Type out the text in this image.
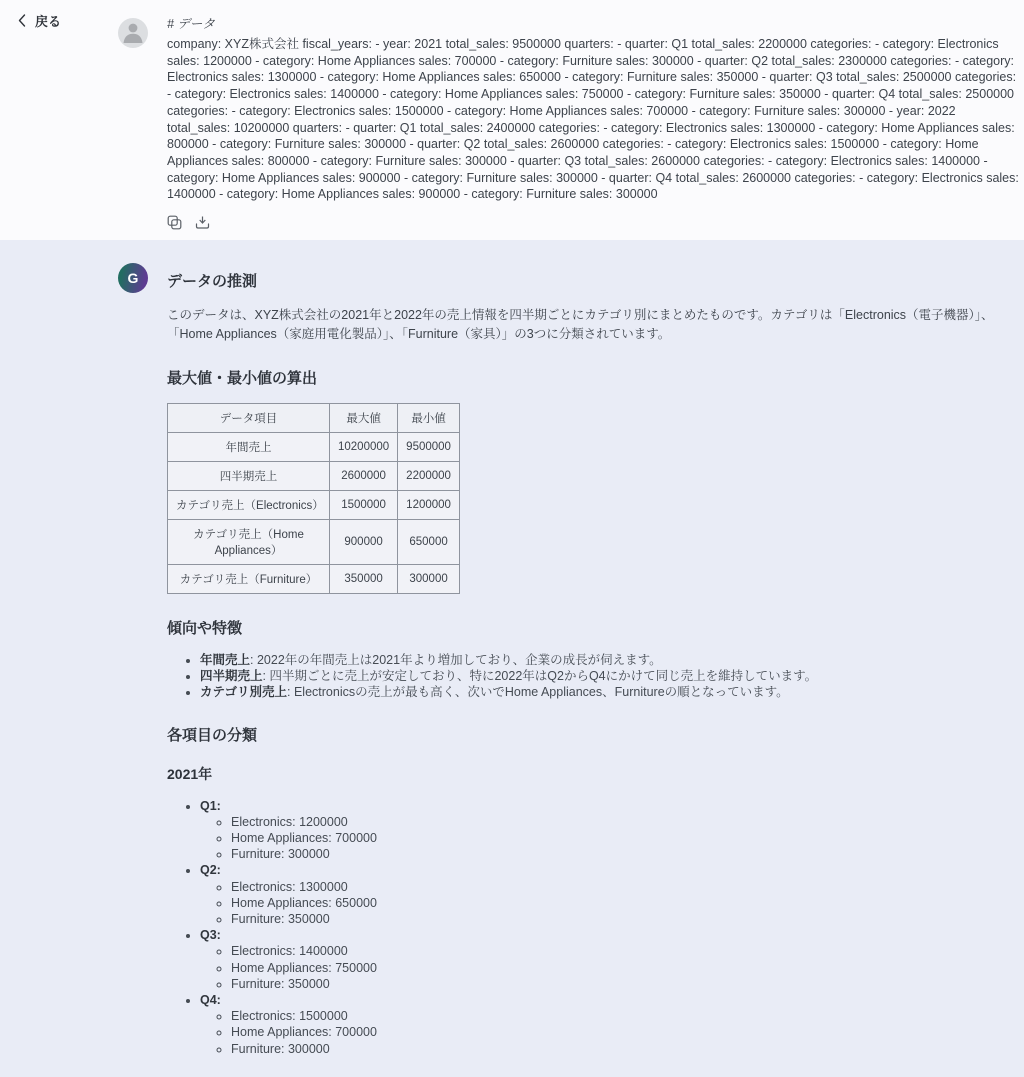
戻る	# データ
company: XYZ株式会社 fiscal_years: - year: 2021 total_sales: 9500000 quarters: - quarter: Q1 total_sales: 2200000 categories: - category: Electronics sales: 1200000 - category: Home Appliances sales: 700000 - category: Furniture sales: 300000 - quarter: Q2 total_sales: 2300000 categories: - category: Electronics sales: 1300000 - category: Home Appliances sales: 650000 - category: Furniture sales: 350000 - quarter: Q3 total_sales: 2500000 categories: - category: Electronics sales: 1400000 - category: Home Appliances sales: 750000 - category: Furniture sales: 350000 - quarter: Q4 total_sales: 2500000 categories: - category: Electronics sales: 1500000 - category: Home Appliances sales: 700000 - category: Furniture sales: 300000 - year: 2022 total_sales: 10200000 quarters: - quarter: Q1 total_sales: 2400000 categories: - category: Electronics sales: 1300000 - category: Home Appliances sales: 800000 - category: Furniture sales: 300000 - quarter: Q2 total_sales: 2600000 categories: - category: Electronics sales: 1500000 - category: Home Appliances sales: 800000 - category: Furniture sales: 300000 - quarter: Q3 total_sales: 2600000 categories: - category: Electronics sales: 1400000 - category: Home Appliances sales: 900000 - category: Furniture sales: 300000 - quarter: Q4 total_sales: 2600000 categories: - category: Electronics sales: 1400000 - category: Home Appliances sales: 900000 - category: Furniture sales: 300000
G データの推測

このデータは、XYZ株式会社の2021年と2022年の売上情報を四半期ごとにカテゴリ別にまとめたものです。カテゴリは「Electronics（電子機器）」、「Home Appliances（家庭用電化製品）」、「Furniture（家具）」の3つに分類されています。

最大値・最小値の算出
データ項目	最大値	最小値
年間売上	10200000	9500000
四半期売上	2600000	2200000
カテゴリ売上（Electronics）	1500000	1200000
カテゴリ売上（Home Appliances）	900000	650000
カテゴリ売上（Furniture）	350000	300000
傾向や特徴
• 年間売上: 2022年の年間売上は2021年より増加しており、企業の成長が伺えます。
• 四半期売上: 四半期ごとに売上が安定しており、特に2022年はQ2からQ4にかけて同じ売上を維持しています。
• カテゴリ別売上: Electronicsの売上が最も高く、次いでHome Appliances、Furnitureの順となっています。
各項目の分類
2021年
• Q1:
◦ Electronics: 1200000
◦ Home Appliances: 700000
◦ Furniture: 300000
• Q2:
◦ Electronics: 1300000
◦ Home Appliances: 650000
◦ Furniture: 350000
• Q3:
◦ Electronics: 1400000
◦ Home Appliances: 750000
◦ Furniture: 350000
• Q4:
◦ Electronics: 1500000
◦ Home Appliances: 700000
◦ Furniture: 300000
